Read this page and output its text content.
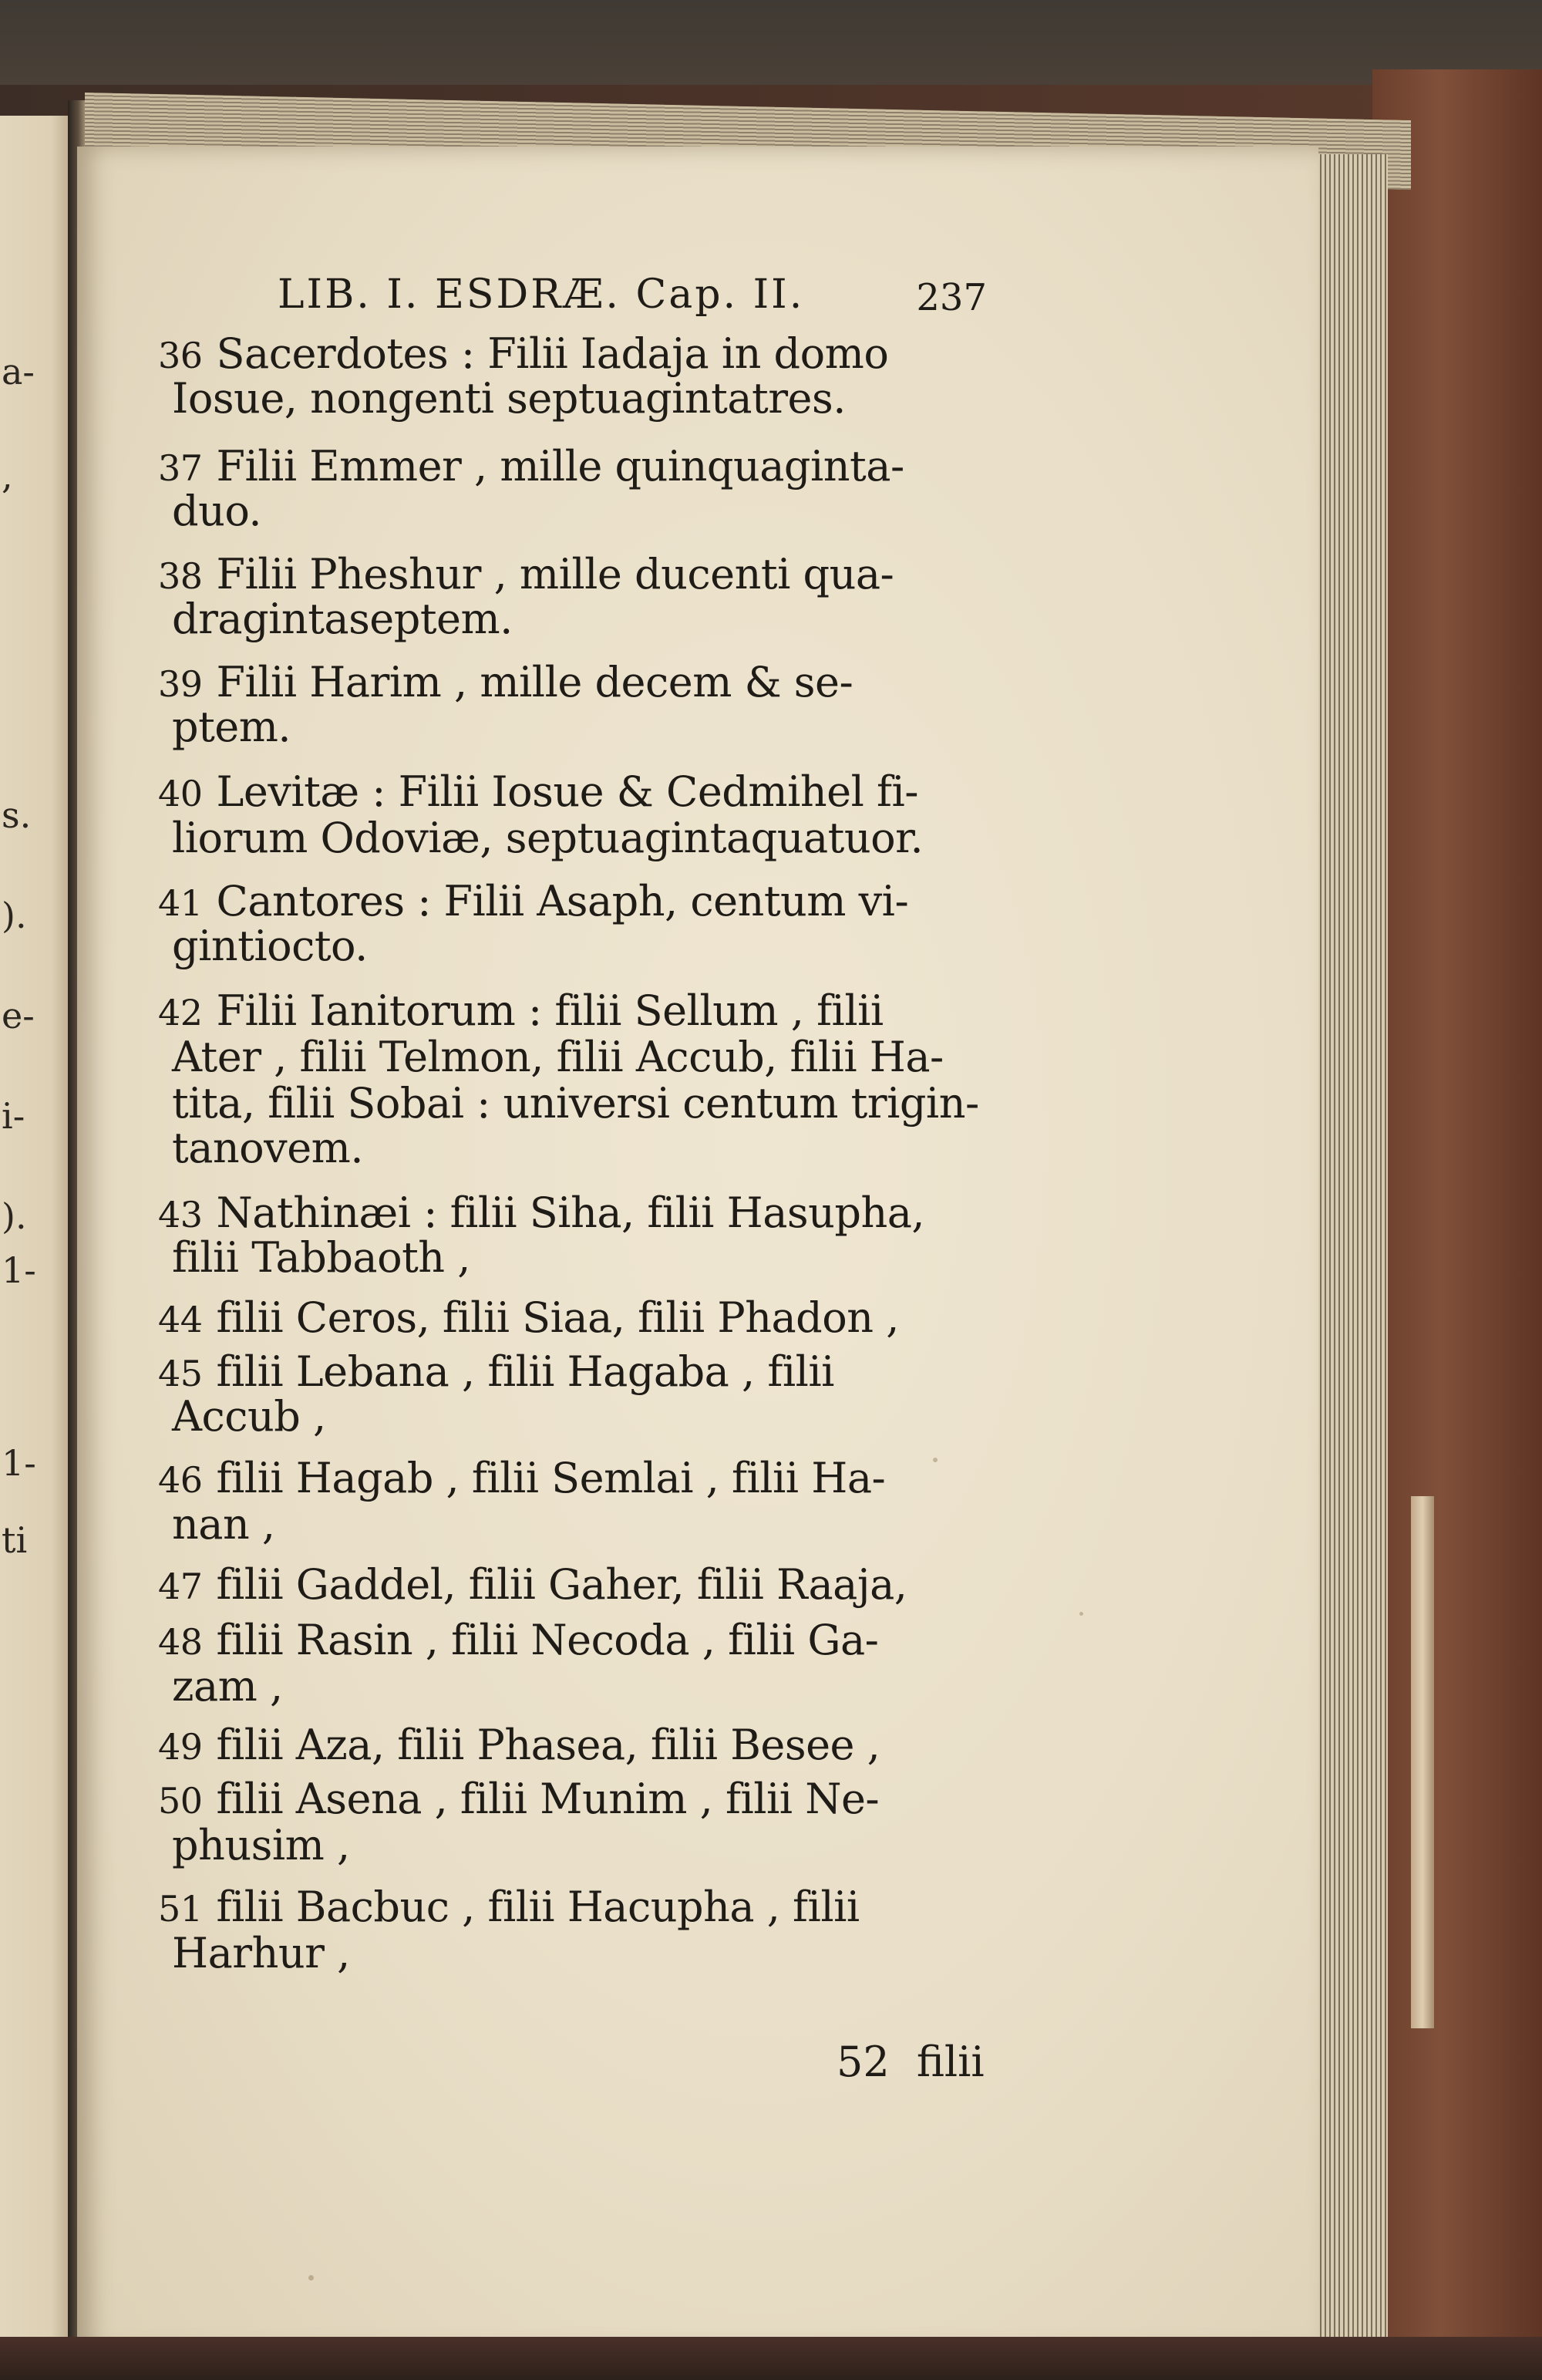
a-
,
s.
).
e-
i-
).
1-
1-
ti
LIB. I. ESDRÆ. Cap. II.	237
36 Sacerdotes : Filii Iadaja in domo
Iosue, nongenti septuagintatres.
37 Filii Emmer , mille quinquaginta-
duo.
38 Filii Pheshur , mille ducenti qua-
dragintaseptem.
39 Filii Harim , mille decem & se-
ptem.
40 Levitæ : Filii Iosue & Cedmihel fi-
liorum Odoviæ, septuagintaquatuor.
41 Cantores : Filii Asaph, centum vi-
gintiocto.
42 Filii Ianitorum : filii Sellum , filii
Ater , filii Telmon, filii Accub, filii Ha-
tita, filii Sobai : universi centum trigin-
tanovem.
43 Nathinæi : filii Siha, filii Hasupha,
filii Tabbaoth ,
44 filii Ceros, filii Siaa, filii Phadon ,
45 filii Lebana , filii Hagaba , filii
Accub ,
46 filii Hagab , filii Semlai , filii Ha-
nan ,
47 filii Gaddel, filii Gaher, filii Raaja,
48 filii Rasin , filii Necoda , filii Ga-
zam ,
49 filii Aza, filii Phasea, filii Besee ,
50 filii Asena , filii Munim , filii Ne-
phusim ,
51 filii Bacbuc , filii Hacupha , filii
Harhur ,
52 filii
